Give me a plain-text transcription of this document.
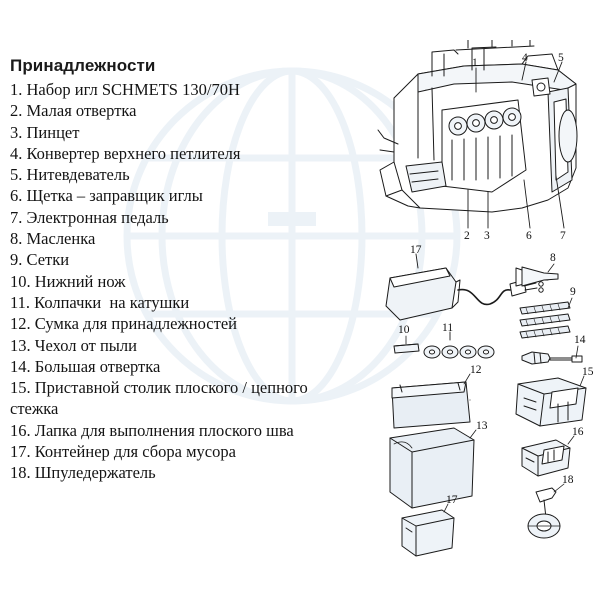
Принадлежности
1. Набор игл SCHMETS 130/70H
2. Малая отвертка
3. Пинцет
4. Конвертер верхнего петлителя
5. Нитевдеватель
6. Щетка – заправщик иглы
7. Электронная педаль
8. Масленка
9. Сетки
10. Нижний нож
11. Колпачки  на катушки
12. Сумка для принадлежностей
13. Чехол от пыли
14. Большая отвертка
15. Приставной столик плоского / цепного
стежка
16. Лапка для выполнения плоского шва
17. Контейнер для сбора мусора
18. Шпуледержатель
1	4	5
2 3	6 7
8
9
10	11
12
13
14
15
16
17
17
18
